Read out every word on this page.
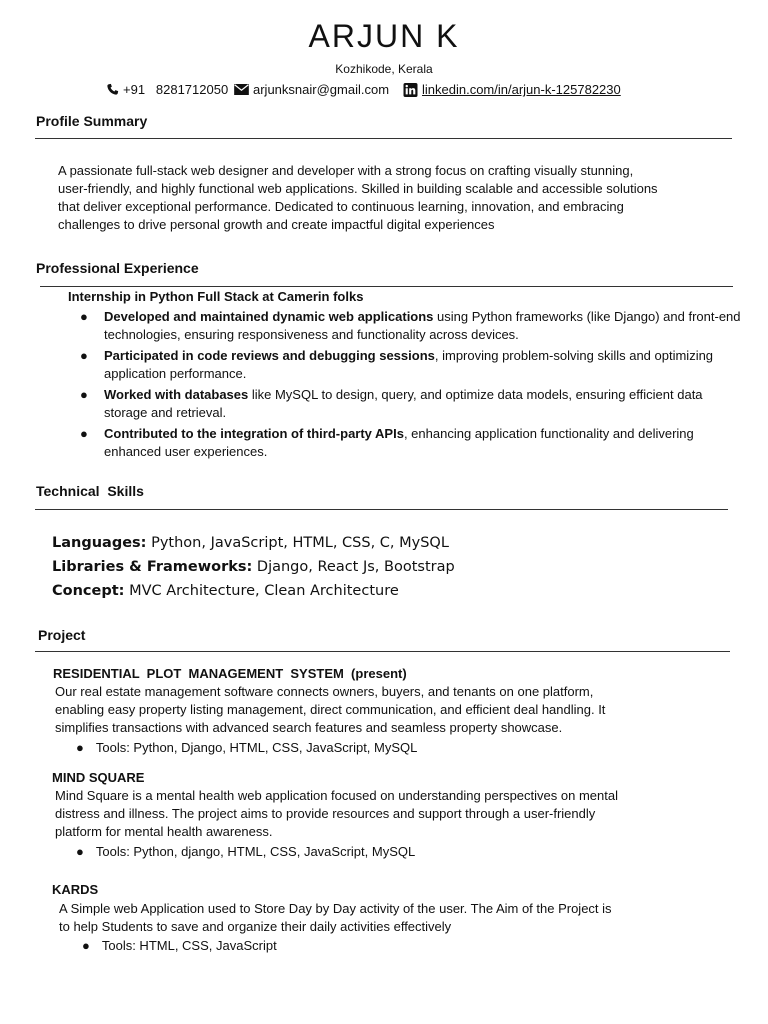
ARJUN K
Kozhikode, Kerala
+91   8281712050 arjunksnair@gmail.com	linkedin.com/in/arjun-k-125782230
Profile Summary
A passionate full-stack web designer and developer with a strong focus on crafting visually stunning,
user-friendly, and highly functional web applications. Skilled in building scalable and accessible solutions
that deliver exceptional performance. Dedicated to continuous learning, innovation, and embracing
challenges to drive personal growth and create impactful digital experiences
Professional Experience
Internship in Python Full Stack at Camerin folks
● Developed and maintained dynamic web applications using Python frameworks (like Django) and front-end
technologies, ensuring responsiveness and functionality across devices.
● Participated in code reviews and debugging sessions, improving problem-solving skills and optimizing
application performance.
● Worked with databases like MySQL to design, query, and optimize data models, ensuring efficient data
storage and retrieval.
● Contributed to the integration of third-party APIs, enhancing application functionality and delivering
enhanced user experiences.
Technical  Skills
Languages: Python, JavaScript, HTML, CSS, C, MySQL
Libraries & Frameworks: Django, React Js, Bootstrap
Concept: MVC Architecture, Clean Architecture
Project
RESIDENTIAL  PLOT  MANAGEMENT  SYSTEM  (present)
Our real estate management software connects owners, buyers, and tenants on one platform,
enabling easy property listing management, direct communication, and efficient deal handling. It
simplifies transactions with advanced search features and seamless property showcase.
● Tools: Python, Django, HTML, CSS, JavaScript, MySQL
MIND SQUARE
Mind Square is a mental health web application focused on understanding perspectives on mental
distress and illness. The project aims to provide resources and support through a user-friendly
platform for mental health awareness.
● Tools: Python, django, HTML, CSS, JavaScript, MySQL
KARDS
A Simple web Application used to Store Day by Day activity of the user. The Aim of the Project is
to help Students to save and organize their daily activities effectively
● Tools: HTML, CSS, JavaScript
